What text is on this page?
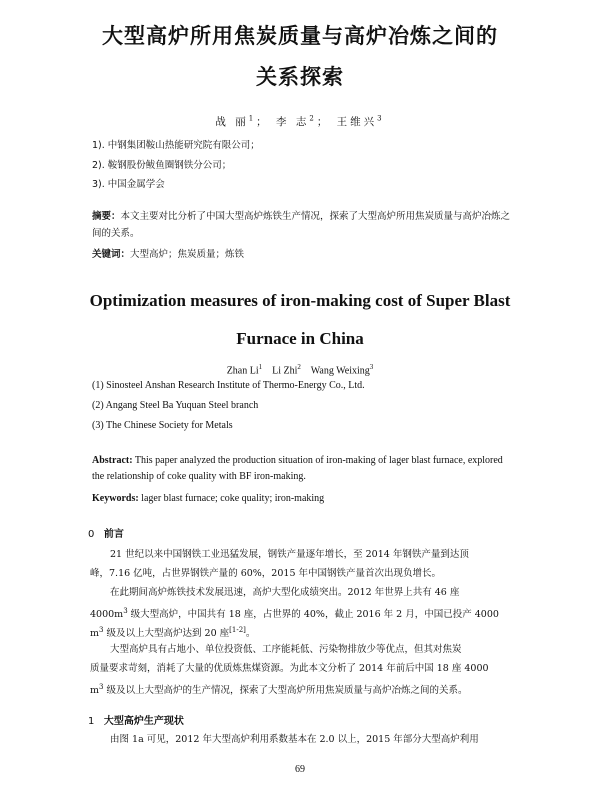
大型高炉所用焦炭质量与高炉冶炼之间的
关系探索
战 丽$^1$； 李 志$^2$； 王维兴$^3$
1). 中钢集团鞍山热能研究院有限公司；
2). 鞍钢股份鲅鱼圈钢铁分公司；
3). 中国金属学会
摘要：本文主要对比分析了中国大型高炉炼铁生产情况，探索了大型高炉所用焦炭质量与高炉冶炼之间的关系。
关键词：大型高炉；焦炭质量；炼铁
Optimization measures of iron-making cost of Super Blast
Furnace in China
Zhan Li$^1$ Li Zhi$^2$ Wang Weixing$^3$
(1) Sinosteel Anshan Research Institute of Thermo-Energy Co., Ltd.
(2) Angang Steel Ba Yuquan Steel branch
(3) The Chinese Society for Metals
Abstract: This paper analyzed the production situation of iron-making of lager blast furnace, explored the relationship of coke quality with BF iron-making.
Keywords: lager blast furnace; coke quality; iron-making
0 前言
21 世纪以来中国钢铁工业迅猛发展，钢铁产量逐年增长，至 2014 年钢铁产量到达顶
峰，7.16 亿吨，占世界钢铁产量的 60%，2015 年中国钢铁产量首次出现负增长。
在此期间高炉炼铁技术发展迅速，高炉大型化成绩突出。2012 年世界上共有 46 座
$4000m^3$ 级大型高炉，中国共有 18 座，占世界的 40%，截止 2016 年 2 月，中国已投产 4000
$m^3$ 级及以上大型高炉达到 20 座[1-2]。
大型高炉具有占地小、单位投资低、工序能耗低、污染物排放少等优点，但其对焦炭
质量要求苛刻，消耗了大量的优质炼焦煤资源。为此本文分析了 2014 年前后中国 18 座 4000
$m^3$ 级及以上大型高炉的生产情况，探索了大型高炉所用焦炭质量与高炉冶炼之间的关系。
1 大型高炉生产现状
由图 1a 可见，2012 年大型高炉利用系数基本在 2.0 以上，2015 年部分大型高炉利用
69
